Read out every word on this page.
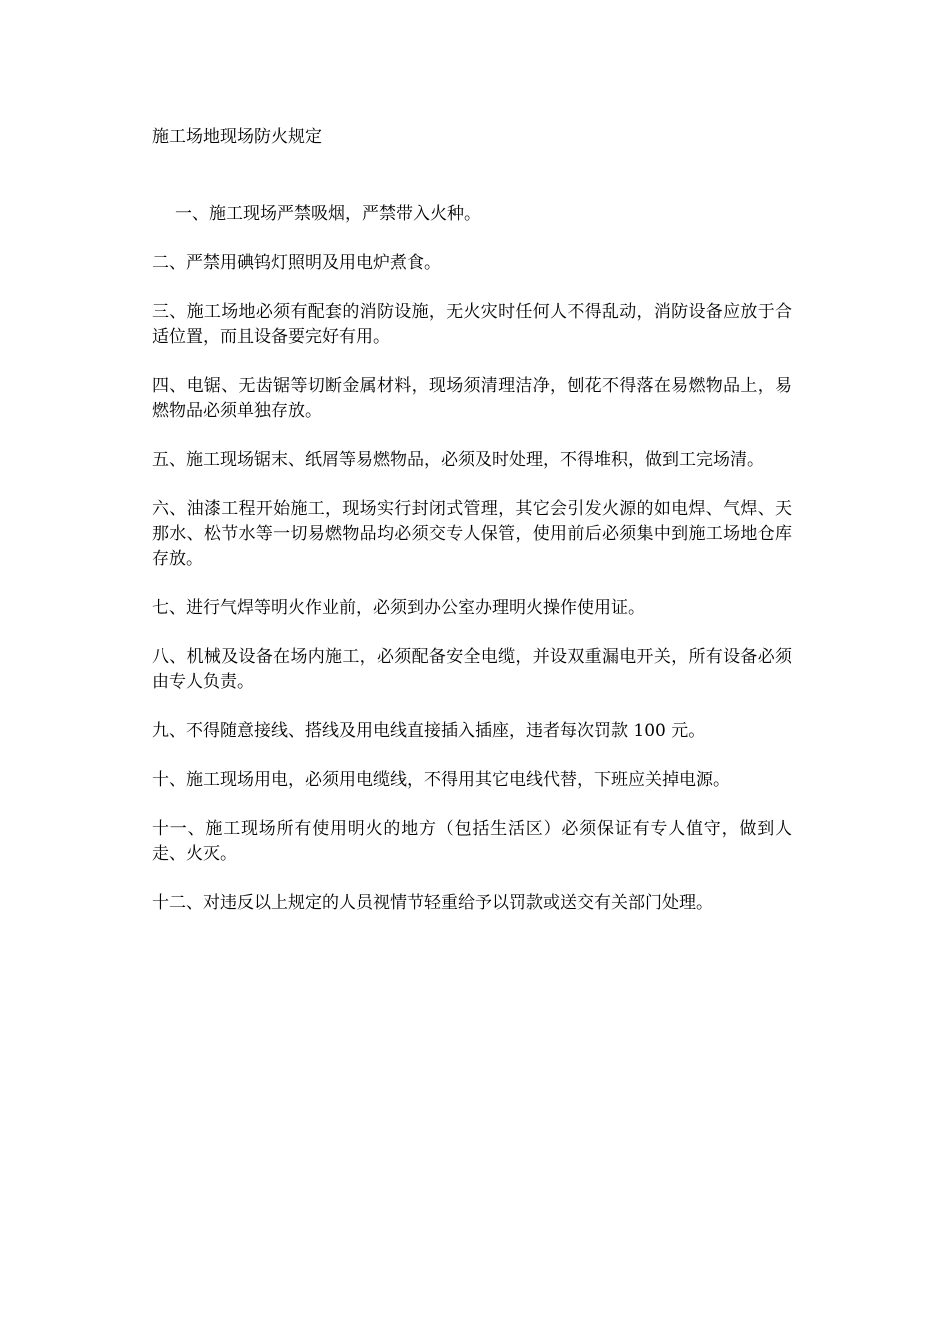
施工场地现场防火规定

一、施工现场严禁吸烟，严禁带入火种。

二、严禁用碘钨灯照明及用电炉煮食。

三、施工场地必须有配套的消防设施，无火灾时任何人不得乱动，消防设备应放于合适位置，而且设备要完好有用。

四、电锯、无齿锯等切断金属材料，现场须清理洁净，刨花不得落在易燃物品上，易燃物品必须单独存放。

五、施工现场锯末、纸屑等易燃物品，必须及时处理，不得堆积，做到工完场清。

六、油漆工程开始施工，现场实行封闭式管理，其它会引发火源的如电焊、气焊、天那水、松节水等一切易燃物品均必须交专人保管，使用前后必须集中到施工场地仓库存放。

七、进行气焊等明火作业前，必须到办公室办理明火操作使用证。

八、机械及设备在场内施工，必须配备安全电缆，并设双重漏电开关，所有设备必须由专人负责。

九、不得随意接线、搭线及用电线直接插入插座，违者每次罚款 100 元。

十、施工现场用电，必须用电缆线，不得用其它电线代替，下班应关掉电源。

十一、施工现场所有使用明火的地方（包括生活区）必须保证有专人值守，做到人走、火灭。

十二、对违反以上规定的人员视情节轻重给予以罚款或送交有关部门处理。
